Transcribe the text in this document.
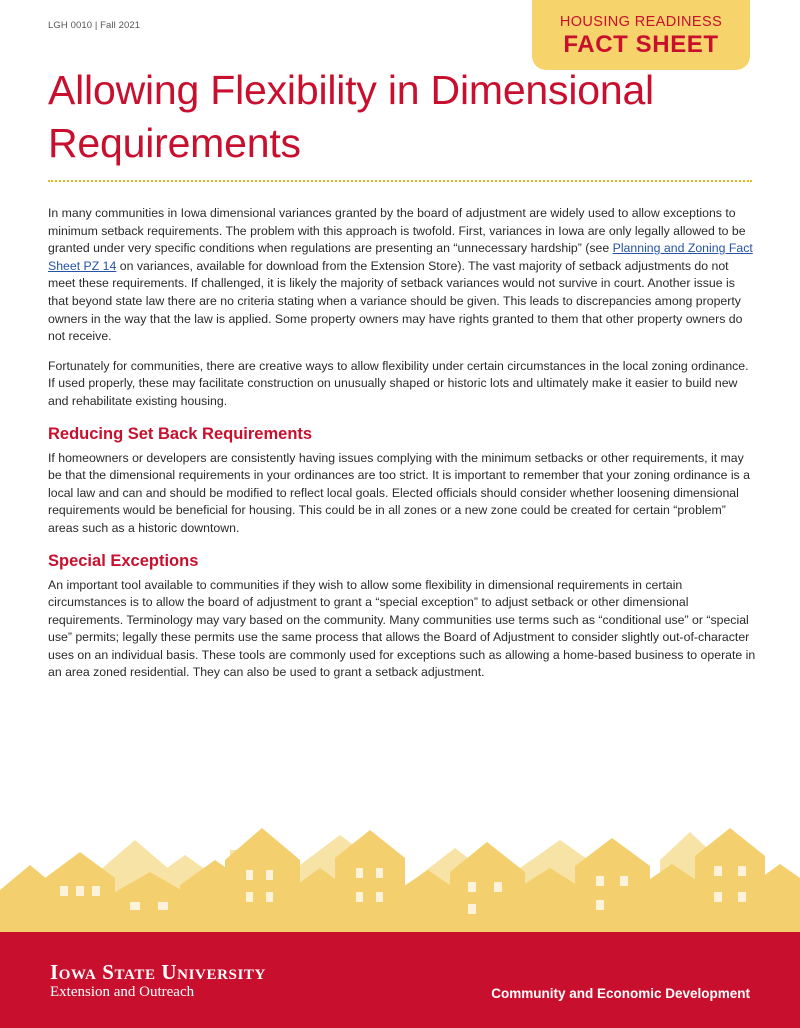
LGH 0010 | Fall 2021	HOUSING READINESS
FACT SHEET
Allowing Flexibility in Dimensional Requirements

In many communities in Iowa dimensional variances granted by the board of adjustment are widely used to allow exceptions to minimum setback requirements. The problem with this approach is twofold. First, variances in Iowa are only legally allowed to be granted under very specific conditions when regulations are presenting an “unnecessary hardship” (see Planning and Zoning Fact Sheet PZ 14 on variances, available for download from the Extension Store). The vast majority of setback adjustments do not meet these requirements. If challenged, it is likely the majority of setback variances would not survive in court. Another issue is that beyond state law there are no criteria stating when a variance should be given. This leads to discrepancies among property owners in the way that the law is applied. Some property owners may have rights granted to them that other property owners do not receive.

Fortunately for communities, there are creative ways to allow flexibility under certain circumstances in the local zoning ordinance. If used properly, these may facilitate construction on unusually shaped or historic lots and ultimately make it easier to build new and rehabilitate existing housing.

Reducing Set Back Requirements

If homeowners or developers are consistently having issues complying with the minimum setbacks or other requirements, it may be that the dimensional requirements in your ordinances are too strict. It is important to remember that your zoning ordinance is a local law and can and should be modified to reflect local goals. Elected officials should consider whether loosening dimensional requirements would be beneficial for housing. This could be in all zones or a new zone could be created for certain “problem” areas such as a historic downtown.

Special Exceptions

An important tool available to communities if they wish to allow some flexibility in dimensional requirements in certain circumstances is to allow the board of adjustment to grant a “special exception” to adjust setback or other dimensional requirements. Terminology may vary based on the community. Many communities use terms such as “conditional use” or “special use” permits; legally these permits use the same process that allows the Board of Adjustment to consider slightly out-of-character uses on an individual basis. These tools are commonly used for exceptions such as allowing a home-based business to operate in an area zoned residential. They can also be used to grant a setback adjustment.

Iowa State University
Extension and Outreach	Community and Economic Development
